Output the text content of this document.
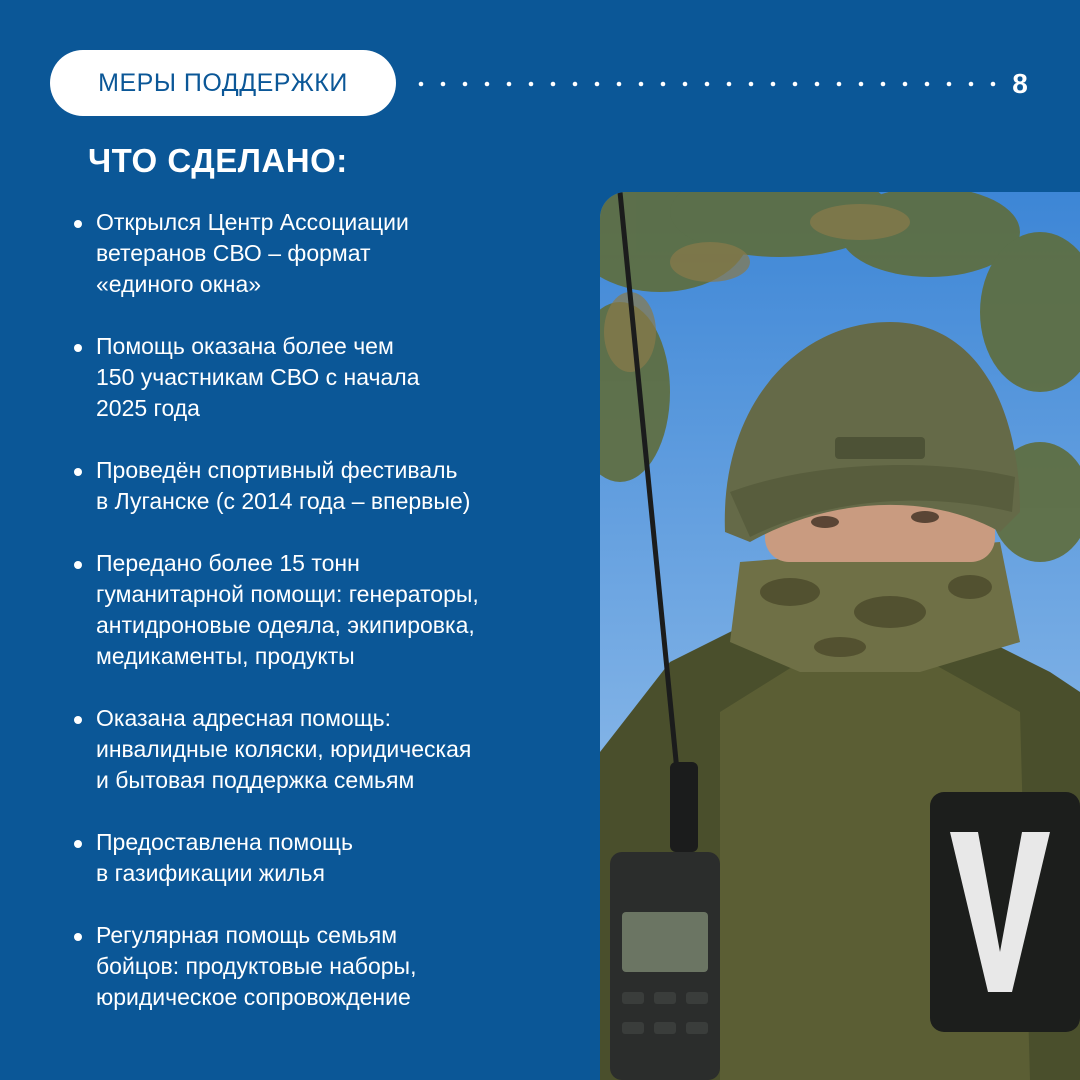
МЕРЫ ПОДДЕРЖКИ	8
ЧТО СДЕЛАНО:
Открылся Центр Ассоциации
ветеранов СВО – формат
«единого окна»
Помощь оказана более чем
150 участникам СВО с начала
2025 года
Проведён спортивный фестиваль
в Луганске (с 2014 года – впервые)
Передано более 15 тонн
гуманитарной помощи: генераторы,
антидроновые одеяла, экипировка,
медикаменты, продукты
Оказана адресная помощь:
инвалидные коляски, юридическая
и бытовая поддержка семьям
Предоставлена помощь
в газификации жилья
Регулярная помощь семьям
бойцов: продуктовые наборы,
юридическое сопровождение
